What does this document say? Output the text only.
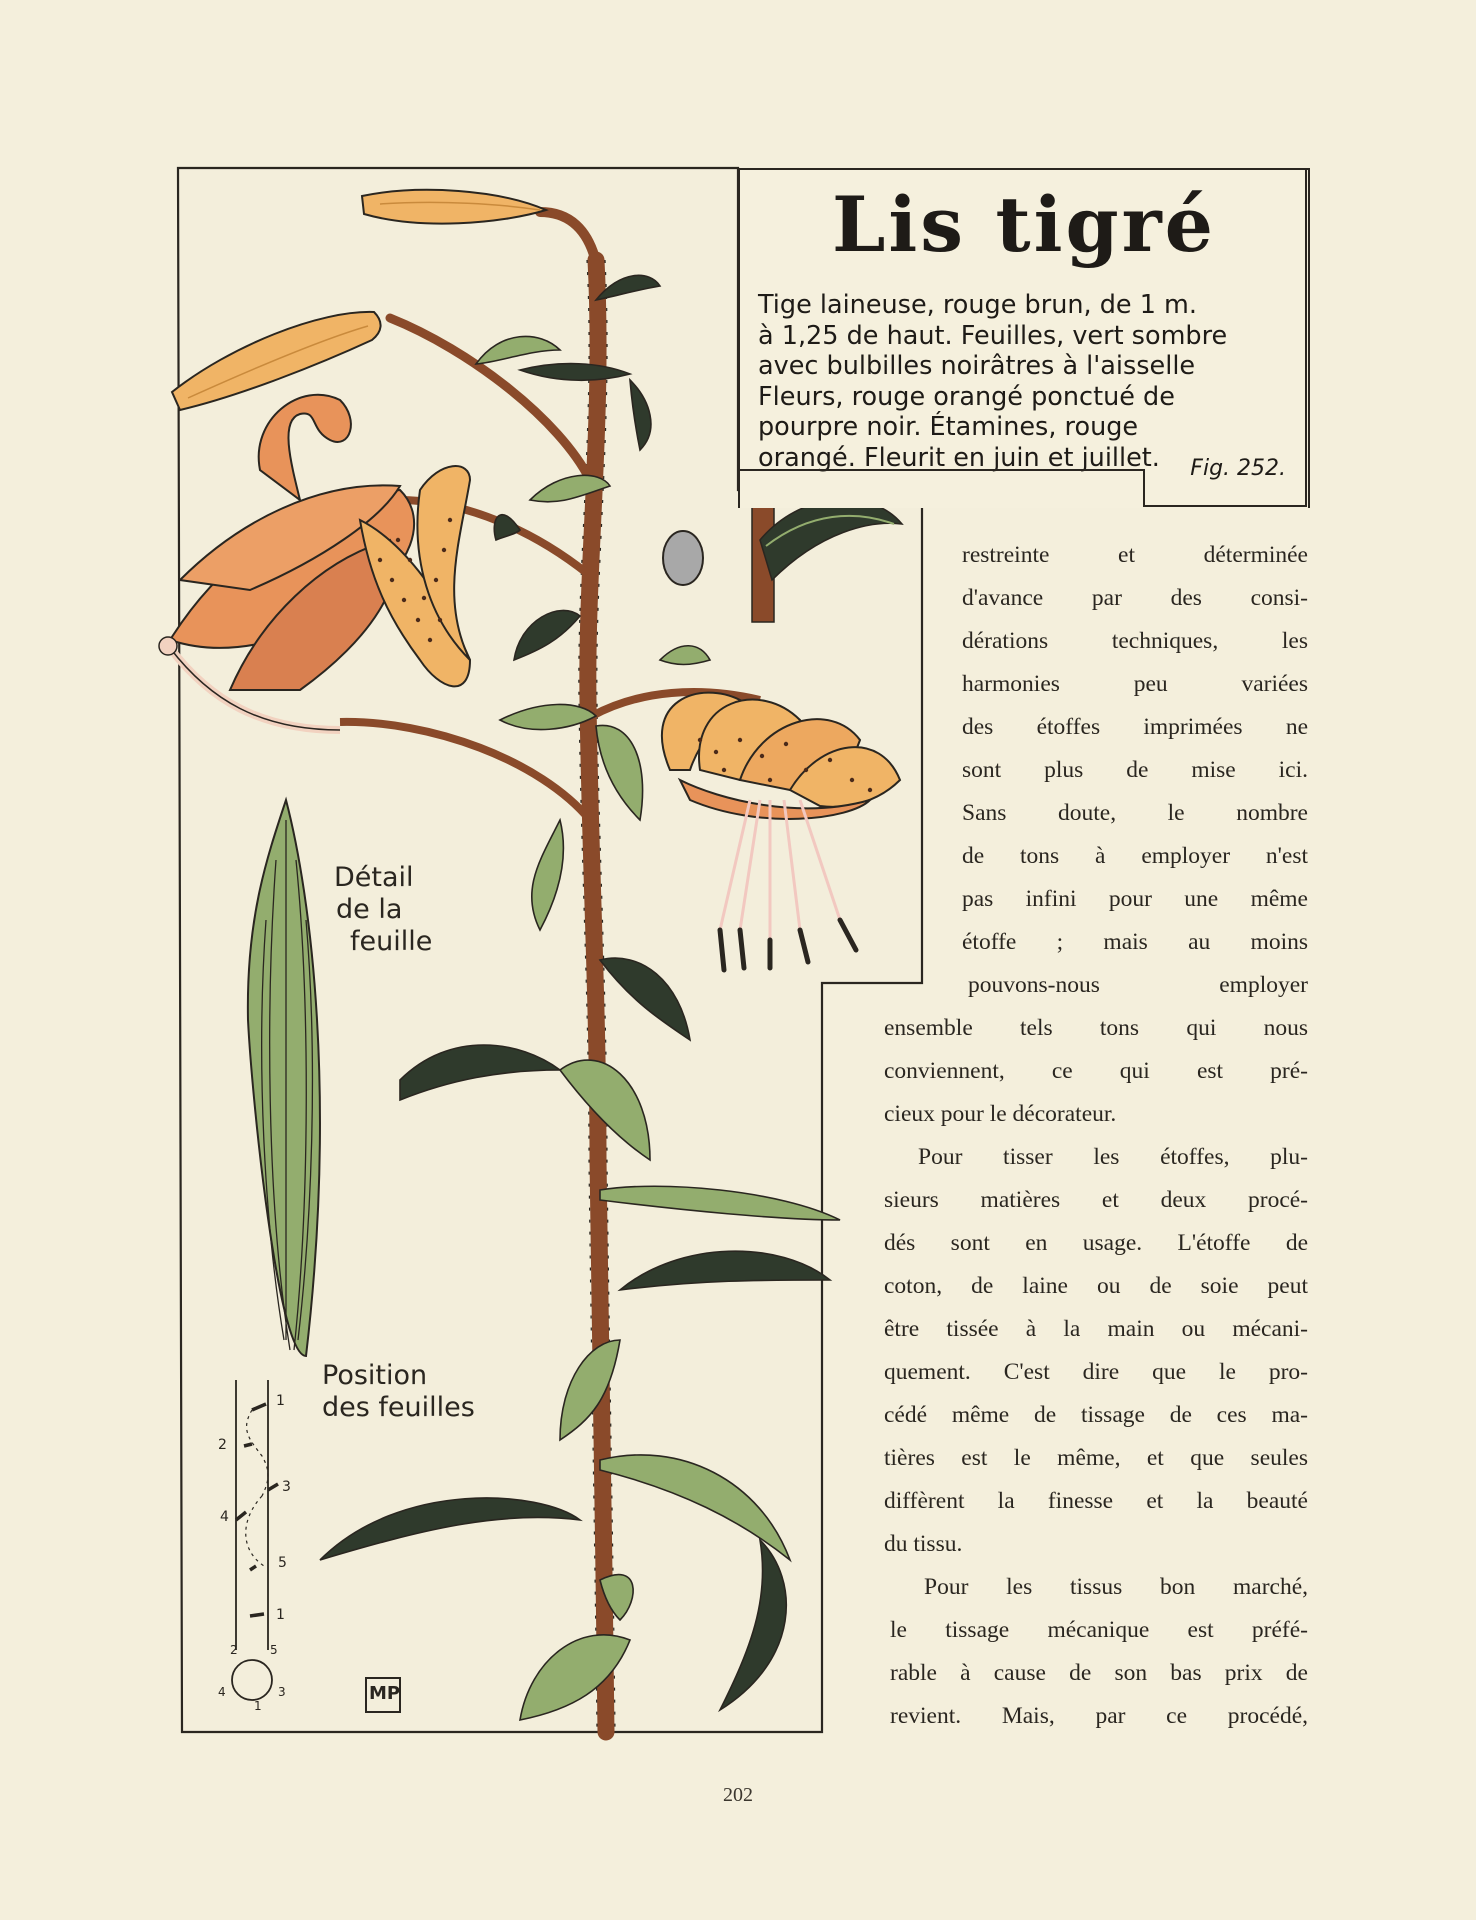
1
2
3
4
5
1
2	5
4
1
3	MP
Lis tigré
Tige laineuse, rouge brun, de 1 m.
à 1,25 de haut. Feuilles, vert sombre
avec bulbilles noirâtres à l'aisselle
Fleurs, rouge orangé ponctué de
pourpre noir. Étamines, rouge
orangé. Fleurit en juin et juillet.	Fig. 252.
Détail
de la
feuille
Position
des feuilles
restreinte et déterminée
d'avance par des consi-
dérations techniques, les
harmonies peu variées
des étoffes imprimées ne
sont plus de mise ici.
Sans doute, le nombre
de tons à employer n'est
pas infini pour une même
étoffe ; mais au moins
pouvons-nous employer
ensemble tels tons qui nous
conviennent, ce qui est pré-
cieux pour le décorateur.
Pour tisser les étoffes, plu-
sieurs matières et deux procé-
dés sont en usage. L'étoffe de
coton, de laine ou de soie peut
être tissée à la main ou mécani-
quement. C'est dire que le pro-
cédé même de tissage de ces ma-
tières est le même, et que seules
diffèrent la finesse et la beauté
du tissu.
Pour les tissus bon marché,
le tissage mécanique est préfé-
rable à cause de son bas prix de
revient. Mais, par ce procédé,
202
